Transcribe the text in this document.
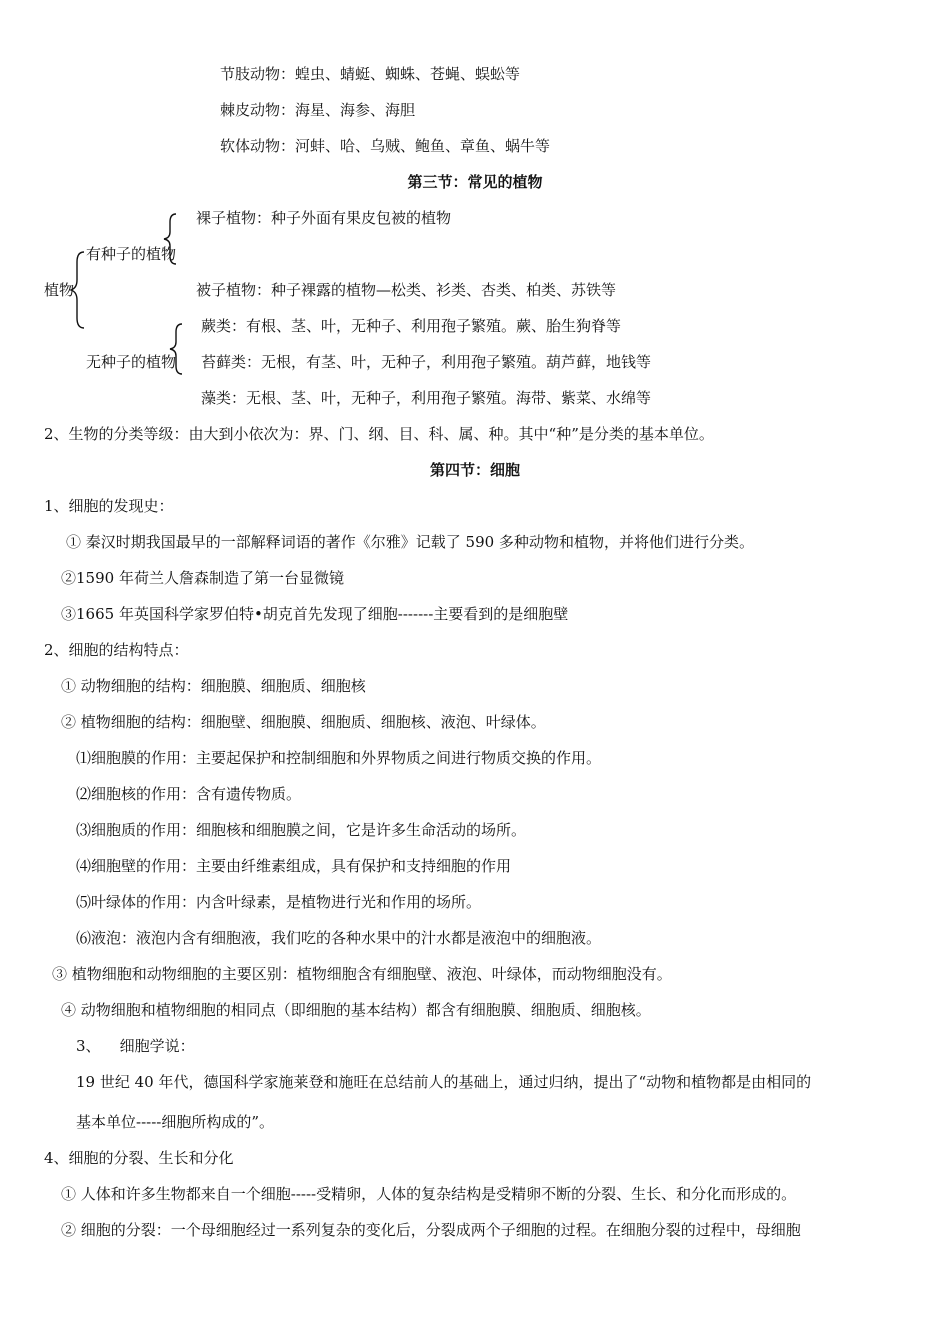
节肢动物：蝗虫、蜻蜓、蜘蛛、苍蝇、蜈蚣等
棘皮动物：海星、海参、海胆
软体动物：河蚌、哈、乌贼、鲍鱼、章鱼、蜗牛等
第三节：常见的植物
植物
有种子的植物
裸子植物：种子外面有果皮包被的植物
被子植物：种子裸露的植物—松类、衫类、杏类、柏类、苏铁等
蕨类：有根、茎、叶，无种子、利用孢子繁殖。蕨、胎生狗脊等
无种子的植物 苔藓类：无根，有茎、叶，无种子，利用孢子繁殖。葫芦藓，地钱等
藻类：无根、茎、叶，无种子，利用孢子繁殖。海带、紫菜、水绵等
2、生物的分类等级：由大到小依次为：界、门、纲、目、科、属、种。其中“种”是分类的基本单位。
第四节：细胞
1、细胞的发现史：
① 秦汉时期我国最早的一部解释词语的著作《尔雅》记载了 590 多种动物和植物，并将他们进行分类。
②1590 年荷兰人詹森制造了第一台显微镜
③1665 年英国科学家罗伯特•胡克首先发现了细胞-------主要看到的是细胞壁
2、细胞的结构特点：
① 动物细胞的结构：细胞膜、细胞质、细胞核
② 植物细胞的结构：细胞壁、细胞膜、细胞质、细胞核、液泡、叶绿体。
⑴细胞膜的作用：主要起保护和控制细胞和外界物质之间进行物质交换的作用。
⑵细胞核的作用：含有遗传物质。
⑶细胞质的作用：细胞核和细胞膜之间，它是许多生命活动的场所。
⑷细胞壁的作用：主要由纤维素组成，具有保护和支持细胞的作用
⑸叶绿体的作用：内含叶绿素，是植物进行光和作用的场所。
⑹液泡：液泡内含有细胞液，我们吃的各种水果中的汁水都是液泡中的细胞液。
③ 植物细胞和动物细胞的主要区别：植物细胞含有细胞壁、液泡、叶绿体，而动物细胞没有。
④ 动物细胞和植物细胞的相同点（即细胞的基本结构）都含有细胞膜、细胞质、细胞核。
3、    细胞学说：
19 世纪 40 年代，德国科学家施莱登和施旺在总结前人的基础上，通过归纳，提出了“动物和植物都是由相同的
基本单位-----细胞所构成的”。
4、细胞的分裂、生长和分化
① 人体和许多生物都来自一个细胞-----受精卵，人体的复杂结构是受精卵不断的分裂、生长、和分化而形成的。
② 细胞的分裂：一个母细胞经过一系列复杂的变化后，分裂成两个子细胞的过程。在细胞分裂的过程中，母细胞
